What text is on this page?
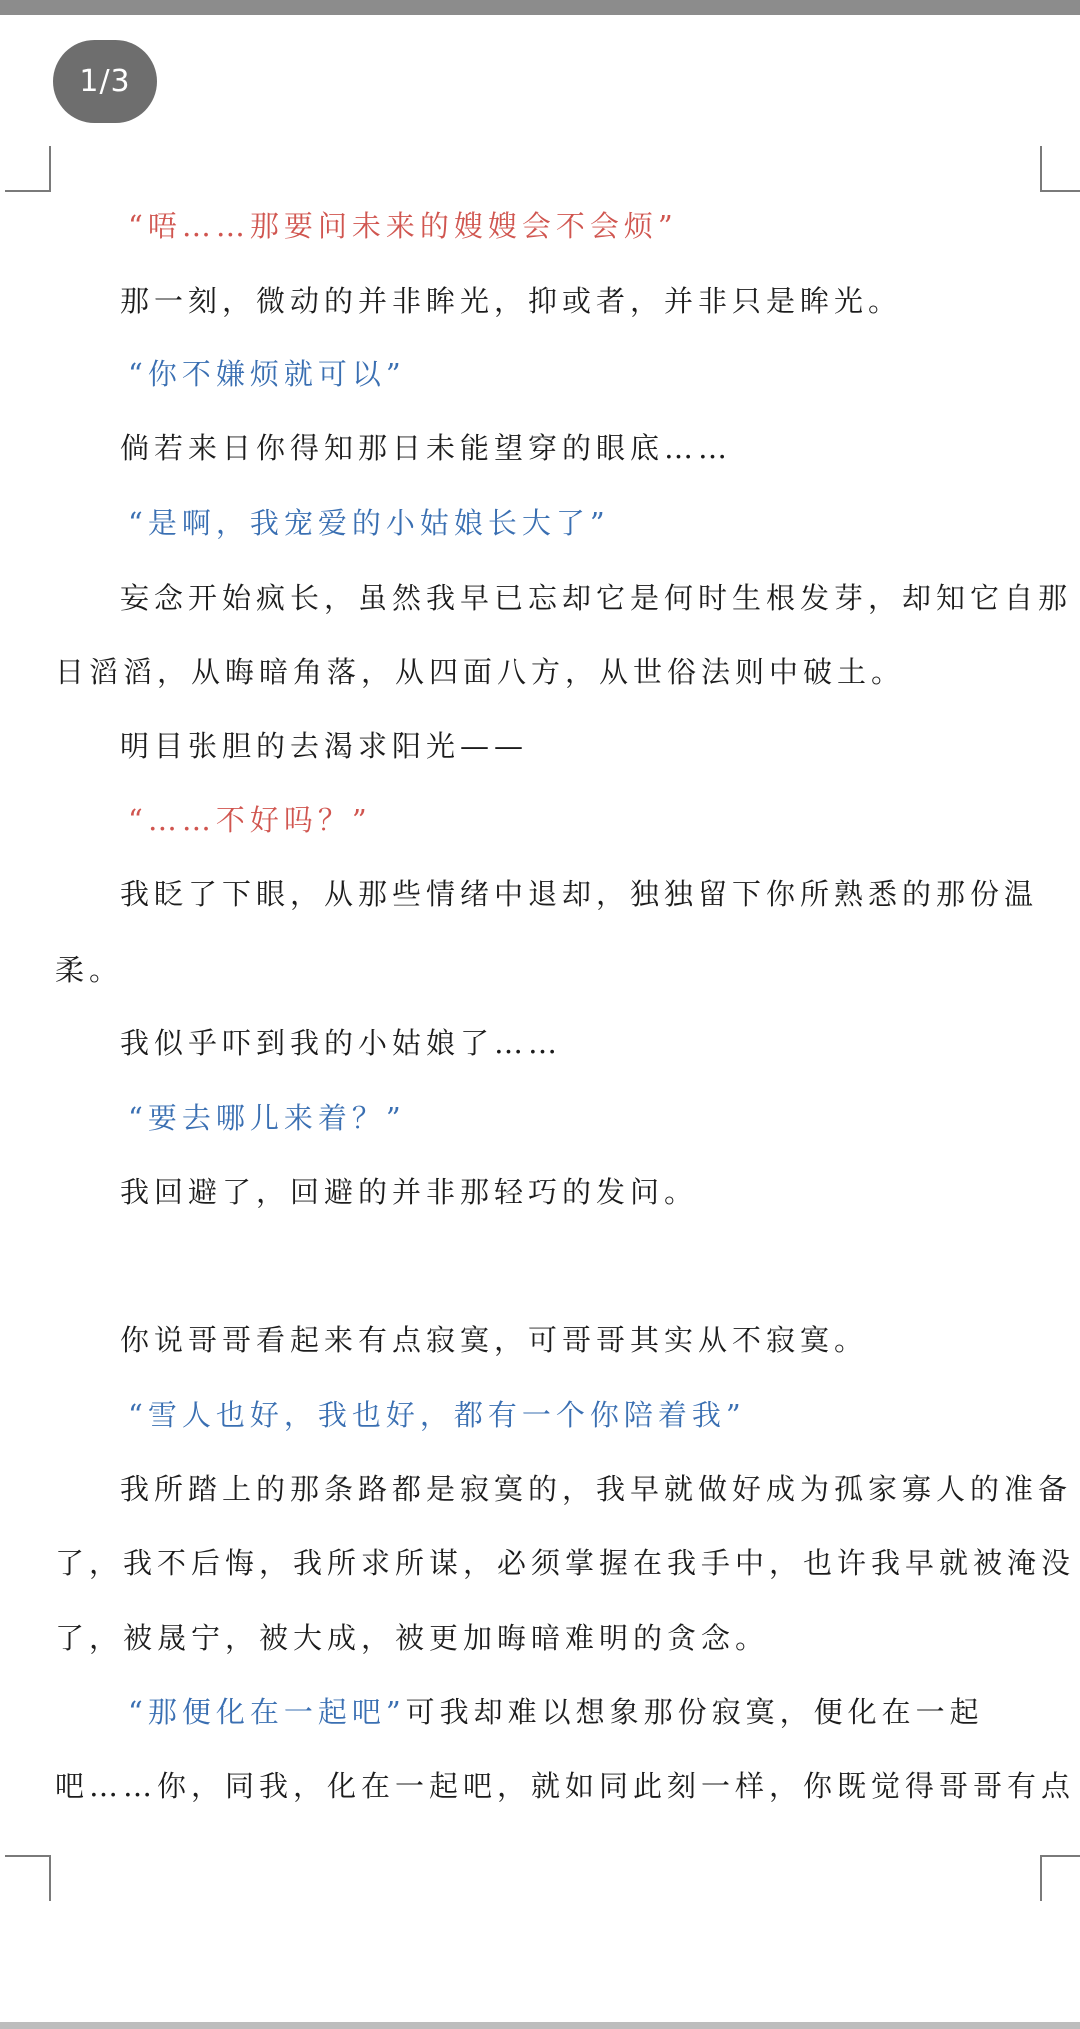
1/3
“唔……那要问未来的嫂嫂会不会烦”
那一刻，微动的并非眸光，抑或者，并非只是眸光。
“你不嫌烦就可以”
倘若来日你得知那日未能望穿的眼底……
“是啊，我宠爱的小姑娘长大了”
妄念开始疯长，虽然我早已忘却它是何时生根发芽，却知它自那
日滔滔，从晦暗角落，从四面八方，从世俗法则中破土。
明目张胆的去渴求阳光——
“……不好吗？”
我眨了下眼，从那些情绪中退却，独独留下你所熟悉的那份温
柔。
我似乎吓到我的小姑娘了……
“要去哪儿来着？”
我回避了，回避的并非那轻巧的发问。
你说哥哥看起来有点寂寞，可哥哥其实从不寂寞。
“雪人也好，我也好，都有一个你陪着我”
我所踏上的那条路都是寂寞的，我早就做好成为孤家寡人的准备
了，我不后悔，我所求所谋，必须掌握在我手中，也许我早就被淹没
了，被晟宁，被大成，被更加晦暗难明的贪念。
“那便化在一起吧”可我却难以想象那份寂寞，便化在一起
吧……你，同我，化在一起吧，就如同此刻一样，你既觉得哥哥有点
